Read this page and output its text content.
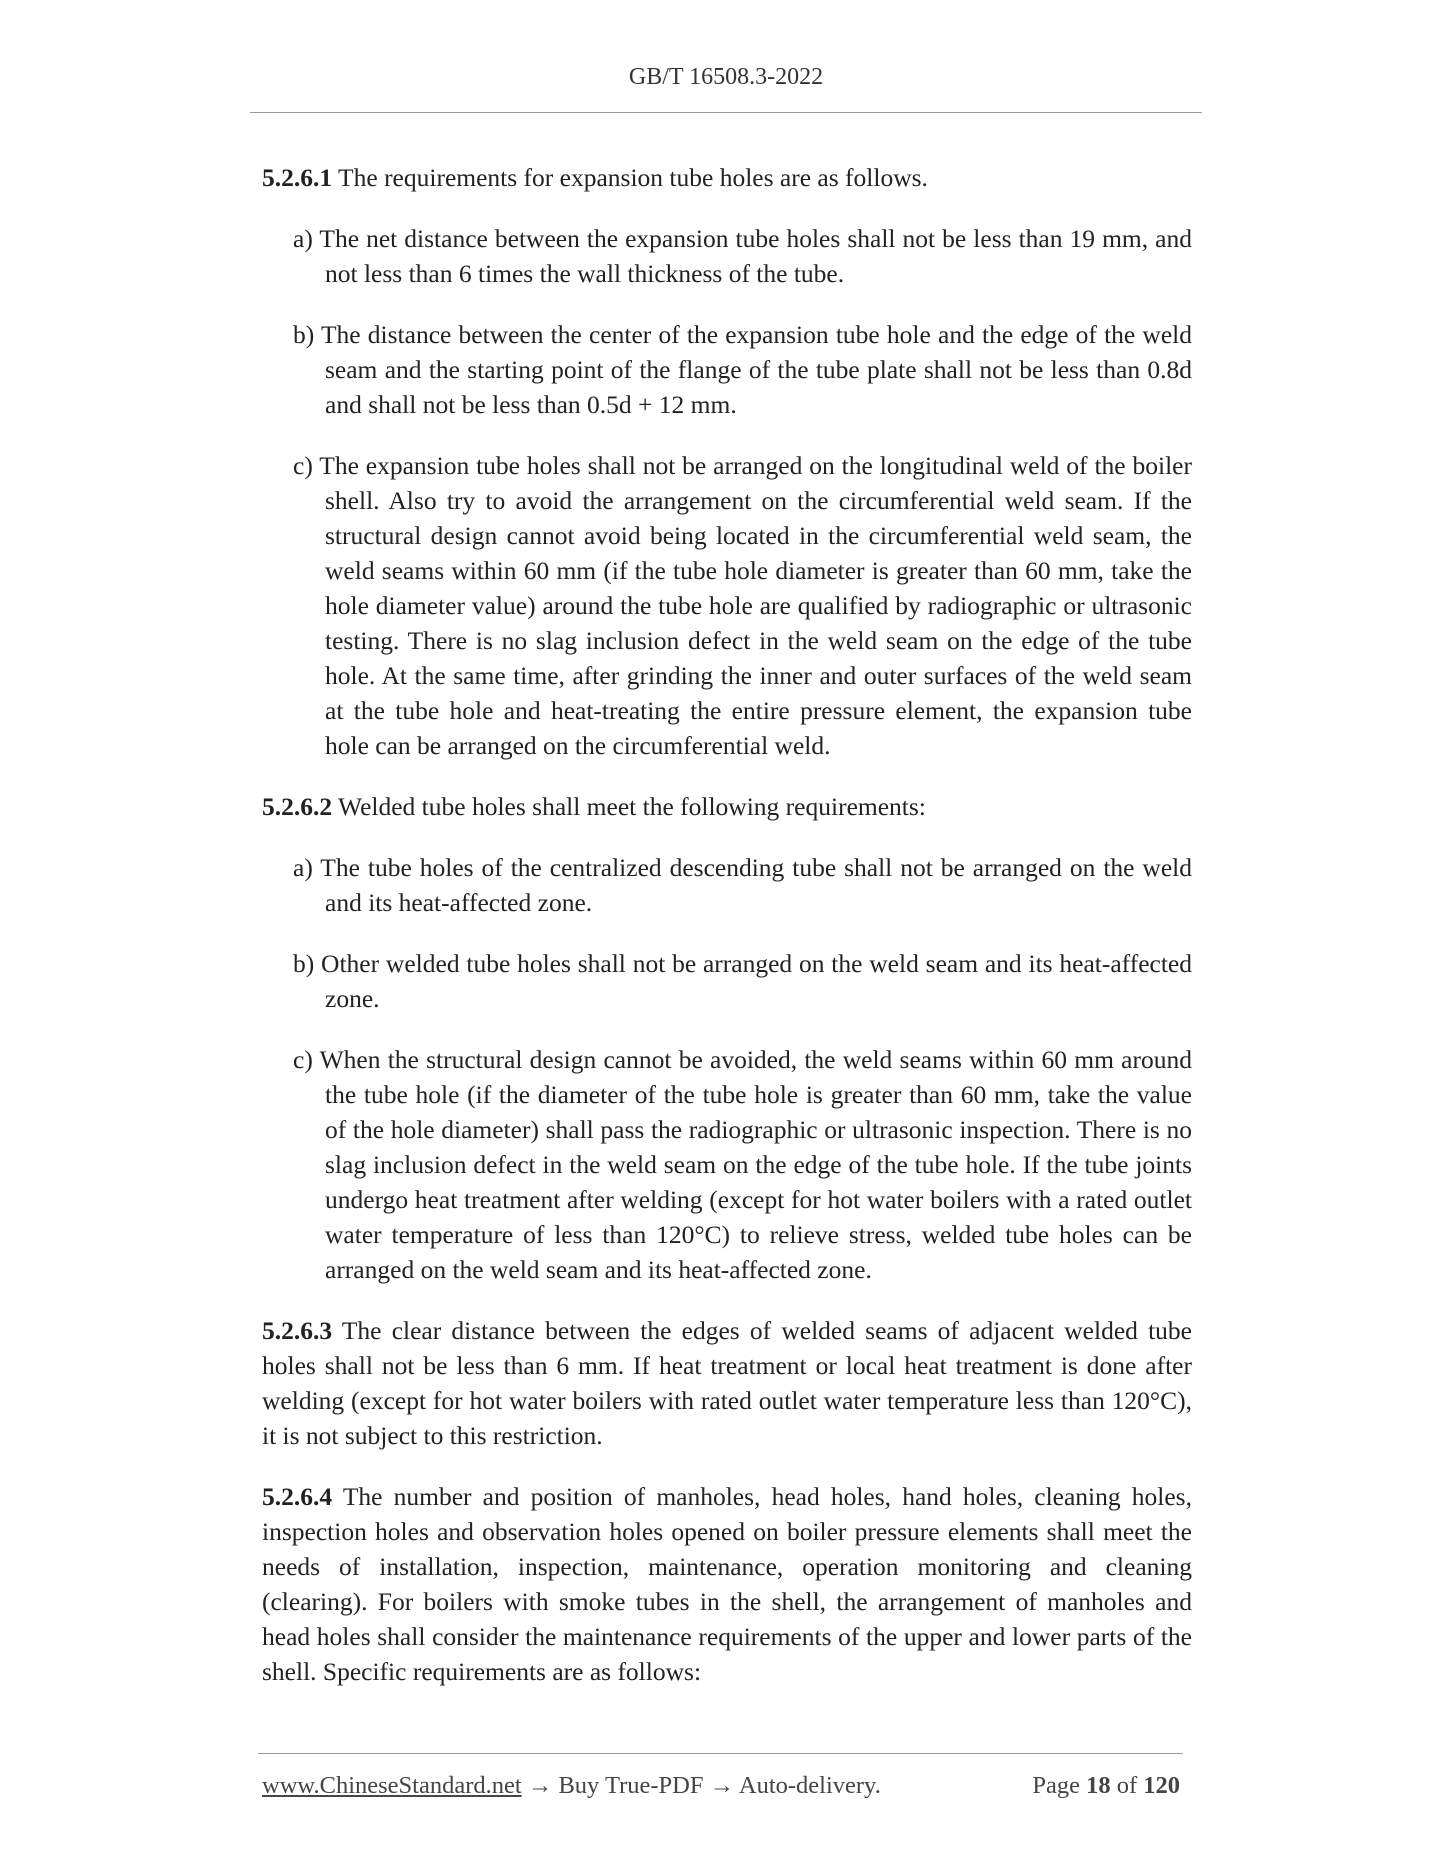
GB/T 16508.3-2022

5.2.6.1 The requirements for expansion tube holes are as follows.

a) The net distance between the expansion tube holes shall not be less than 19 mm, and not less than 6 times the wall thickness of the tube.

b) The distance between the center of the expansion tube hole and the edge of the weld seam and the starting point of the flange of the tube plate shall not be less than 0.8d and shall not be less than 0.5d + 12 mm.

c) The expansion tube holes shall not be arranged on the longitudinal weld of the boiler shell. Also try to avoid the arrangement on the circumferential weld seam. If the structural design cannot avoid being located in the circumferential weld seam, the weld seams within 60 mm (if the tube hole diameter is greater than 60 mm, take the hole diameter value) around the tube hole are qualified by radiographic or ultrasonic testing. There is no slag inclusion defect in the weld seam on the edge of the tube hole. At the same time, after grinding the inner and outer surfaces of the weld seam at the tube hole and heat-treating the entire pressure element, the expansion tube hole can be arranged on the circumferential weld.

5.2.6.2 Welded tube holes shall meet the following requirements:

a) The tube holes of the centralized descending tube shall not be arranged on the weld and its heat-affected zone.

b) Other welded tube holes shall not be arranged on the weld seam and its heat-affected zone.

c) When the structural design cannot be avoided, the weld seams within 60 mm around the tube hole (if the diameter of the tube hole is greater than 60 mm, take the value of the hole diameter) shall pass the radiographic or ultrasonic inspection. There is no slag inclusion defect in the weld seam on the edge of the tube hole. If the tube joints undergo heat treatment after welding (except for hot water boilers with a rated outlet water temperature of less than 120°C) to relieve stress, welded tube holes can be arranged on the weld seam and its heat-affected zone.

5.2.6.3 The clear distance between the edges of welded seams of adjacent welded tube holes shall not be less than 6 mm. If heat treatment or local heat treatment is done after welding (except for hot water boilers with rated outlet water temperature less than 120°C), it is not subject to this restriction.

5.2.6.4 The number and position of manholes, head holes, hand holes, cleaning holes, inspection holes and observation holes opened on boiler pressure elements shall meet the needs of installation, inspection, maintenance, operation monitoring and cleaning (clearing). For boilers with smoke tubes in the shell, the arrangement of manholes and head holes shall consider the maintenance requirements of the upper and lower parts of the shell. Specific requirements are as follows:

www.ChineseStandard.net → Buy True-PDF → Auto-delivery.	Page 18 of 120
